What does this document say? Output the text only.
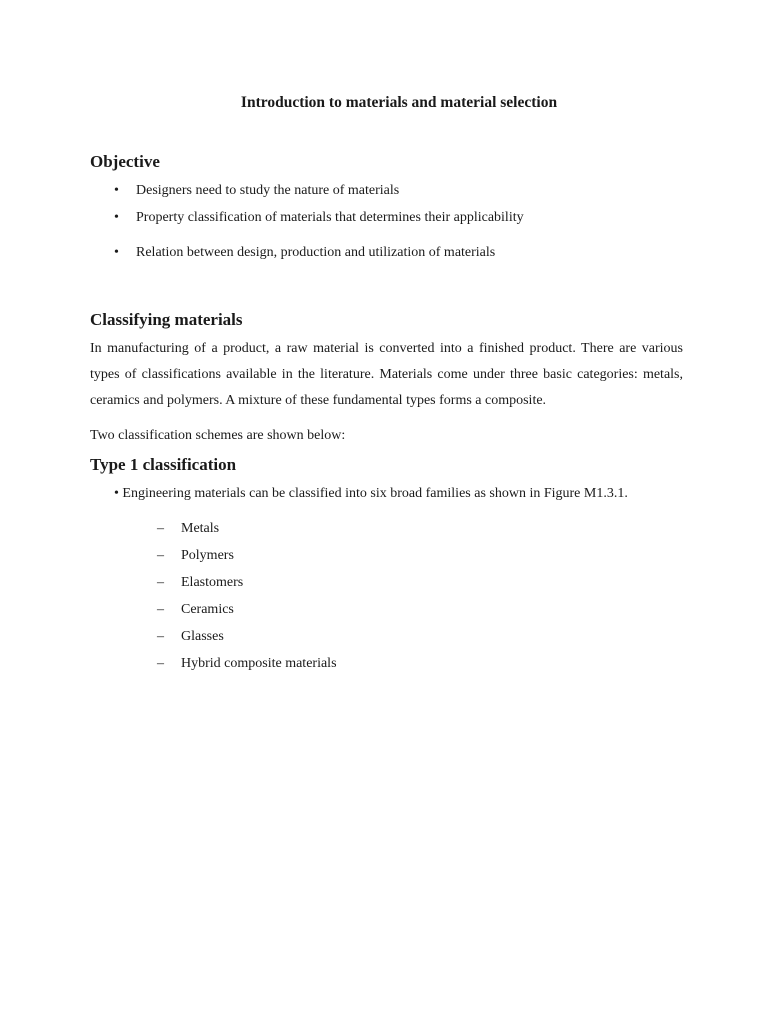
Introduction to materials and material selection
Objective
• Designers need to study the nature of materials
• Property classification of materials that determines their applicability
• Relation between design, production and utilization of materials
Classifying materials

In manufacturing of a product, a raw material is converted into a finished product. There are various types of classifications available in the literature. Materials come under three basic categories: metals, ceramics and polymers. A mixture of these fundamental types forms a composite.

Two classification schemes are shown below:

Type 1 classification

• Engineering materials can be classified into six broad families as shown in Figure M1.3.1.

– Metals
– Polymers
– Elastomers
– Ceramics
– Glasses
– Hybrid composite materials
